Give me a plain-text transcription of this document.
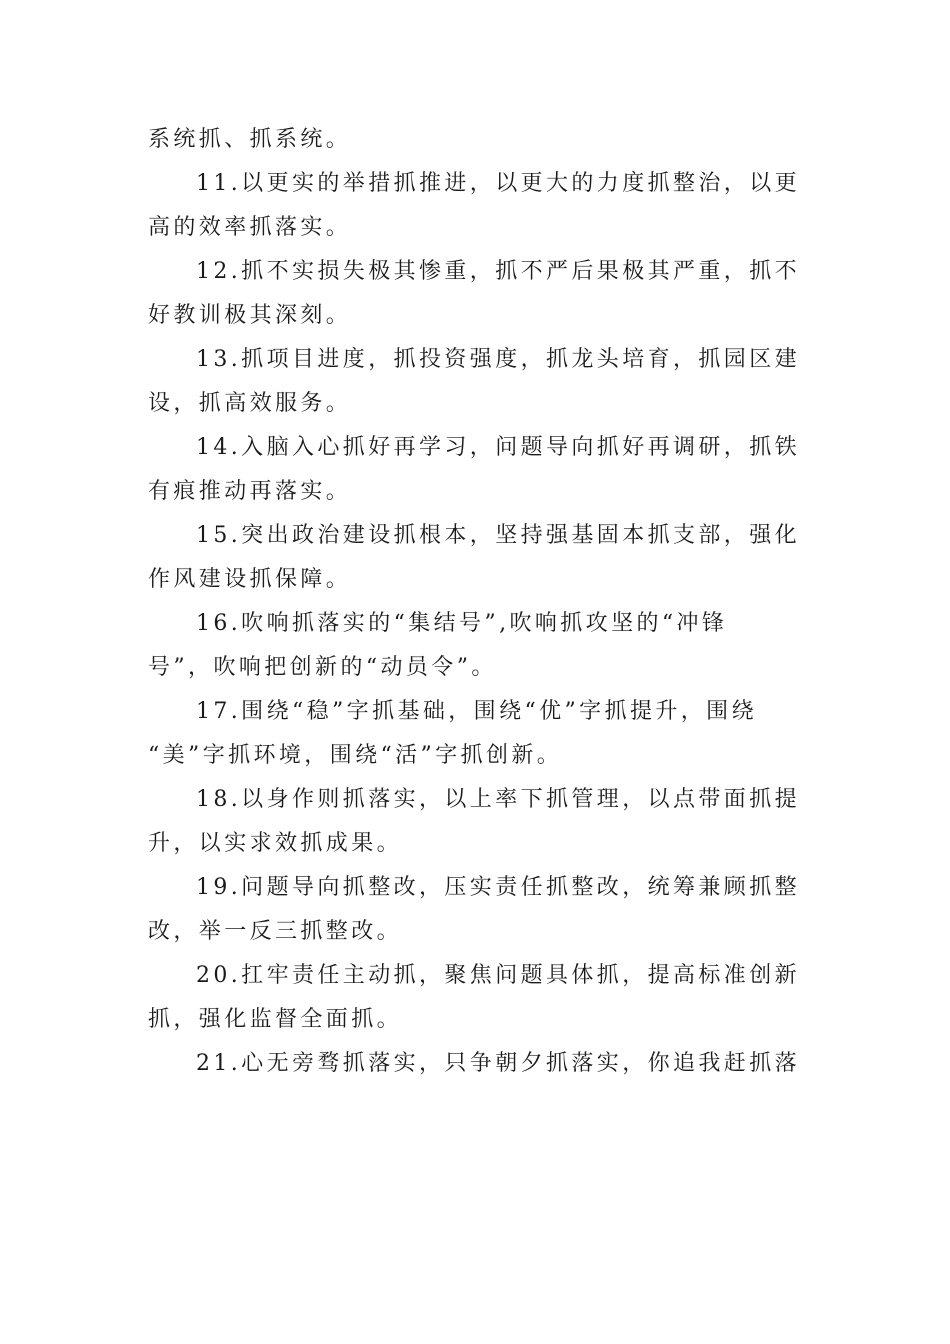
系统抓、抓系统。
11.以更实的举措抓推进，以更大的力度抓整治，以更
高的效率抓落实。
12.抓不实损失极其惨重，抓不严后果极其严重，抓不
好教训极其深刻。
13.抓项目进度，抓投资强度，抓龙头培育，抓园区建
设，抓高效服务。
14.入脑入心抓好再学习，问题导向抓好再调研，抓铁
有痕推动再落实。
15.突出政治建设抓根本，坚持强基固本抓支部，强化
作风建设抓保障。
16.吹响抓落实的“集结号”,吹响抓攻坚的“冲锋
号”，吹响把创新的“动员令”。
17.围绕“稳”字抓基础，围绕“优”字抓提升，围绕
“美”字抓环境，围绕“活”字抓创新。
18.以身作则抓落实，以上率下抓管理，以点带面抓提
升，以实求效抓成果。
19.问题导向抓整改，压实责任抓整改，统筹兼顾抓整
改，举一反三抓整改。
20.扛牢责任主动抓，聚焦问题具体抓，提高标准创新
抓，强化监督全面抓。
21.心无旁骛抓落实，只争朝夕抓落实，你追我赶抓落
